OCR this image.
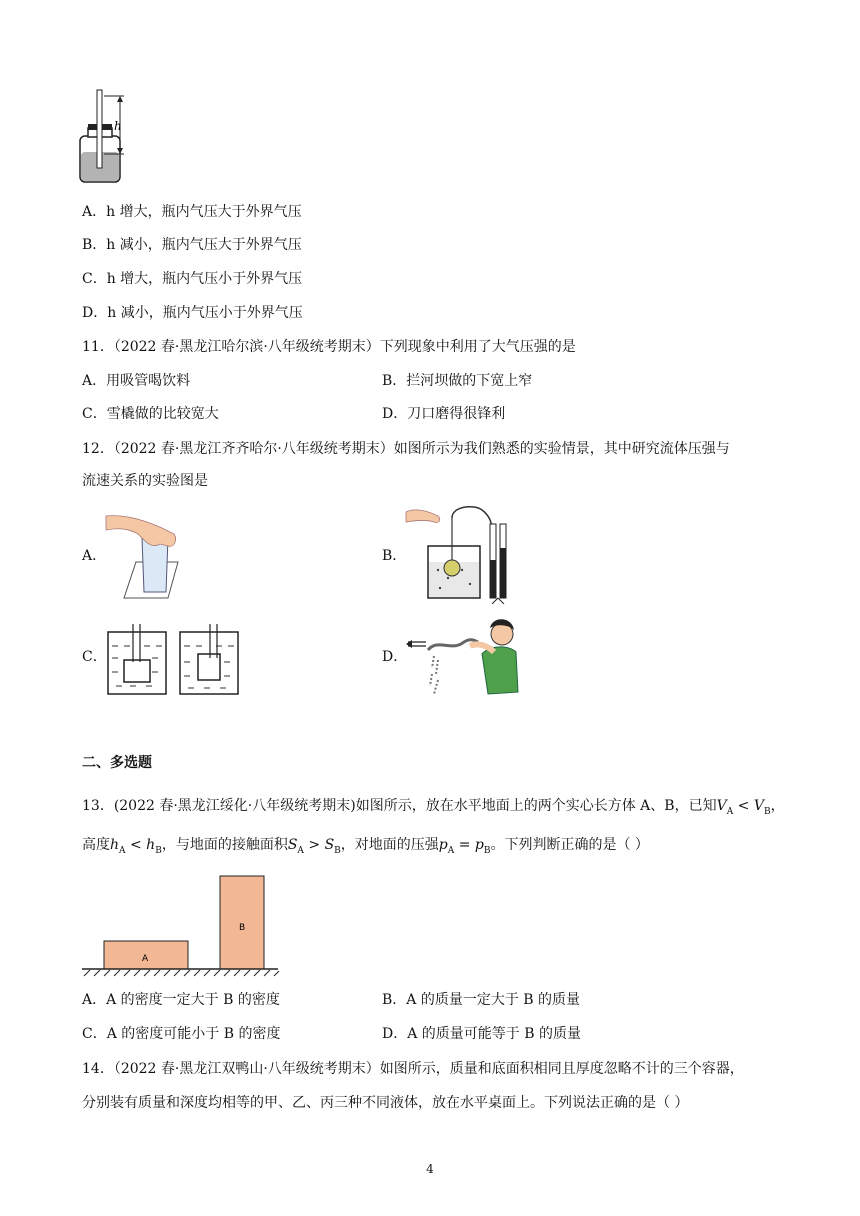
h
A．h 增大，瓶内气压大于外界气压
B．h 减小，瓶内气压大于外界气压
C．h 增大，瓶内气压小于外界气压
D．h 减小，瓶内气压小于外界气压
11．（2022 春·黑龙江哈尔滨·八年级统考期末）下列现象中利用了大气压强的是
A．用吸管喝饮料	B．拦河坝做的下宽上窄
C．雪橇做的比较宽大	D．刀口磨得很锋利
12．（2022 春·黑龙江齐齐哈尔·八年级统考期末）如图所示为我们熟悉的实验情景，其中研究流体压强与
流速关系的实验图是
A．	B．
C．	D．
二、多选题
13．(2022 春·黑龙江绥化·八年级统考期末)如图所示，放在水平地面上的两个实心长方体 A、B，已知$V_A < V_B$，
高度$h_A < h_B$，与地面的接触面积$S_A > S_B$，对地面的压强$p_A = p_B$。下列判断正确的是（ ）
A
B
A．A 的密度一定大于 B 的密度	B．A 的质量一定大于 B 的质量
C．A 的密度可能小于 B 的密度	D．A 的质量可能等于 B 的质量
14．（2022 春·黑龙江双鸭山·八年级统考期末）如图所示，质量和底面积相同且厚度忽略不计的三个容器，
分别装有质量和深度均相等的甲、乙、丙三种不同液体，放在水平桌面上。下列说法正确的是（ ）
4
